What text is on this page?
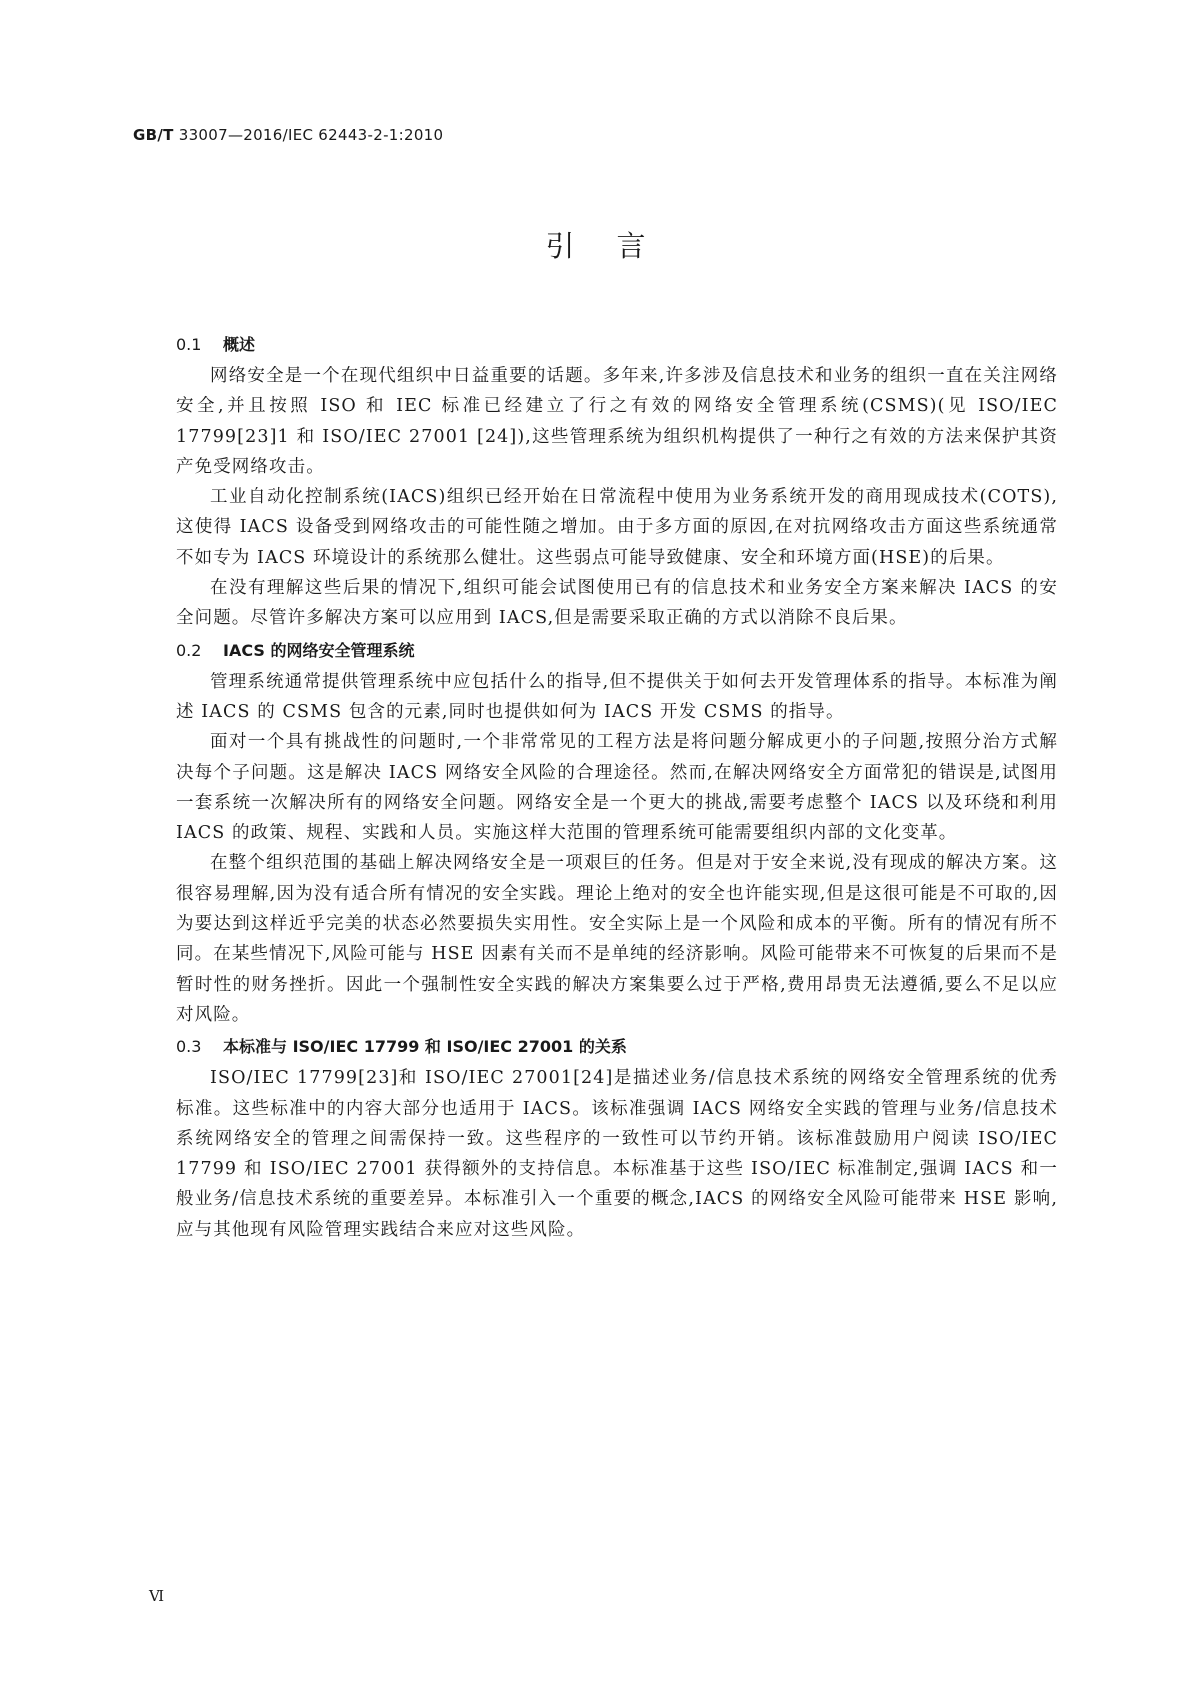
GB/T 33007—2016/IEC 62443-2-1:2010
引言
0.1 概述

网络安全是一个在现代组织中日益重要的话题。多年来,许多涉及信息技术和业务的组织一直在关注网络安全,并且按照 ISO 和 IEC 标准已经建立了行之有效的网络安全管理系统(CSMS)(见 ISO/IEC 17799[23]1 和 ISO/IEC 27001 [24]),这些管理系统为组织机构提供了一种行之有效的方法来保护其资产免受网络攻击。

工业自动化控制系统(IACS)组织已经开始在日常流程中使用为业务系统开发的商用现成技术(COTS),这使得 IACS 设备受到网络攻击的可能性随之增加。由于多方面的原因,在对抗网络攻击方面这些系统通常不如专为 IACS 环境设计的系统那么健壮。这些弱点可能导致健康、安全和环境方面(HSE)的后果。

在没有理解这些后果的情况下,组织可能会试图使用已有的信息技术和业务安全方案来解决 IACS 的安全问题。尽管许多解决方案可以应用到 IACS,但是需要采取正确的方式以消除不良后果。

0.2 IACS 的网络安全管理系统

管理系统通常提供管理系统中应包括什么的指导,但不提供关于如何去开发管理体系的指导。本标准为阐述 IACS 的 CSMS 包含的元素,同时也提供如何为 IACS 开发 CSMS 的指导。

面对一个具有挑战性的问题时,一个非常常见的工程方法是将问题分解成更小的子问题,按照分治方式解决每个子问题。这是解决 IACS 网络安全风险的合理途径。然而,在解决网络安全方面常犯的错误是,试图用一套系统一次解决所有的网络安全问题。网络安全是一个更大的挑战,需要考虑整个 IACS 以及环绕和利用 IACS 的政策、规程、实践和人员。实施这样大范围的管理系统可能需要组织内部的文化变革。

在整个组织范围的基础上解决网络安全是一项艰巨的任务。但是对于安全来说,没有现成的解决方案。这很容易理解,因为没有适合所有情况的安全实践。理论上绝对的安全也许能实现,但是这很可能是不可取的,因为要达到这样近乎完美的状态必然要损失实用性。安全实际上是一个风险和成本的平衡。所有的情况有所不同。在某些情况下,风险可能与 HSE 因素有关而不是单纯的经济影响。风险可能带来不可恢复的后果而不是暂时性的财务挫折。因此一个强制性安全实践的解决方案集要么过于严格,费用昂贵无法遵循,要么不足以应对风险。

0.3 本标准与 ISO/IEC 17799 和 ISO/IEC 27001 的关系

ISO/IEC 17799[23]和 ISO/IEC 27001[24]是描述业务/信息技术系统的网络安全管理系统的优秀标准。这些标准中的内容大部分也适用于 IACS。该标准强调 IACS 网络安全实践的管理与业务/信息技术系统网络安全的管理之间需保持一致。这些程序的一致性可以节约开销。该标准鼓励用户阅读 ISO/IEC 17799 和 ISO/IEC 27001 获得额外的支持信息。本标准基于这些 ISO/IEC 标准制定,强调 IACS 和一般业务/信息技术系统的重要差异。本标准引入一个重要的概念,IACS 的网络安全风险可能带来 HSE 影响,应与其他现有风险管理实践结合来应对这些风险。

Ⅵ
